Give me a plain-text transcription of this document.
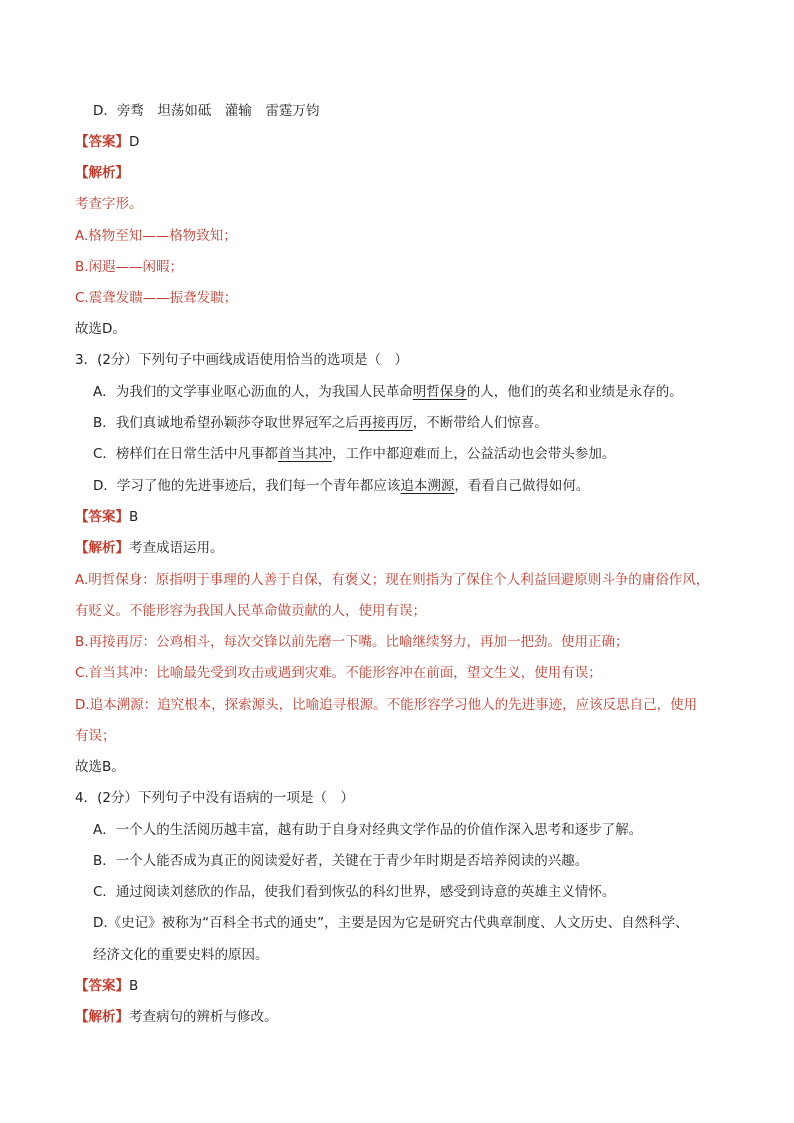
D．旁骛　坦荡如砥　灌输　雷霆万钧
【答案】D
【解析】
考查字形。
A.格物至知——格物致知；
B.闲遐——闲暇；
C.震聋发聩——振聋发聩；
故选D。
3．(2分）下列句子中画线成语使用恰当的选项是（　）
A．为我们的文学事业呕心沥血的人，为我国人民革命明哲保身的人，他们的英名和业绩是永存的。
B．我们真诚地希望孙颖莎夺取世界冠军之后再接再厉，不断带给人们惊喜。
C．榜样们在日常生活中凡事都首当其冲，工作中都迎难而上，公益活动也会带头参加。
D．学习了他的先进事迹后，我们每一个青年都应该追本溯源，看看自己做得如何。
【答案】B
【解析】考查成语运用。
A.明哲保身：原指明于事理的人善于自保，有褒义；现在则指为了保住个人利益回避原则斗争的庸俗作风，
有贬义。不能形容为我国人民革命做贡献的人，使用有误；
B.再接再厉：公鸡相斗，每次交锋以前先磨一下嘴。比喻继续努力，再加一把劲。使用正确；
C.首当其冲：比喻最先受到攻击或遇到灾难。不能形容冲在前面，望文生义，使用有误；
D.追本溯源：追究根本，探索源头，比喻追寻根源。不能形容学习他人的先进事迹，应该反思自己，使用
有误；
故选B。
4．(2分）下列句子中没有语病的一项是（　）
A．一个人的生活阅历越丰富，越有助于自身对经典文学作品的价值作深入思考和逐步了解。
B．一个人能否成为真正的阅读爱好者，关键在于青少年时期是否培养阅读的兴趣。
C．通过阅读刘慈欣的作品，使我们看到恢弘的科幻世界，感受到诗意的英雄主义情怀。
D.《史记》被称为“百科全书式的通史”，主要是因为它是研究古代典章制度、人文历史、自然科学、
经济文化的重要史料的原因。
【答案】B
【解析】考查病句的辨析与修改。
